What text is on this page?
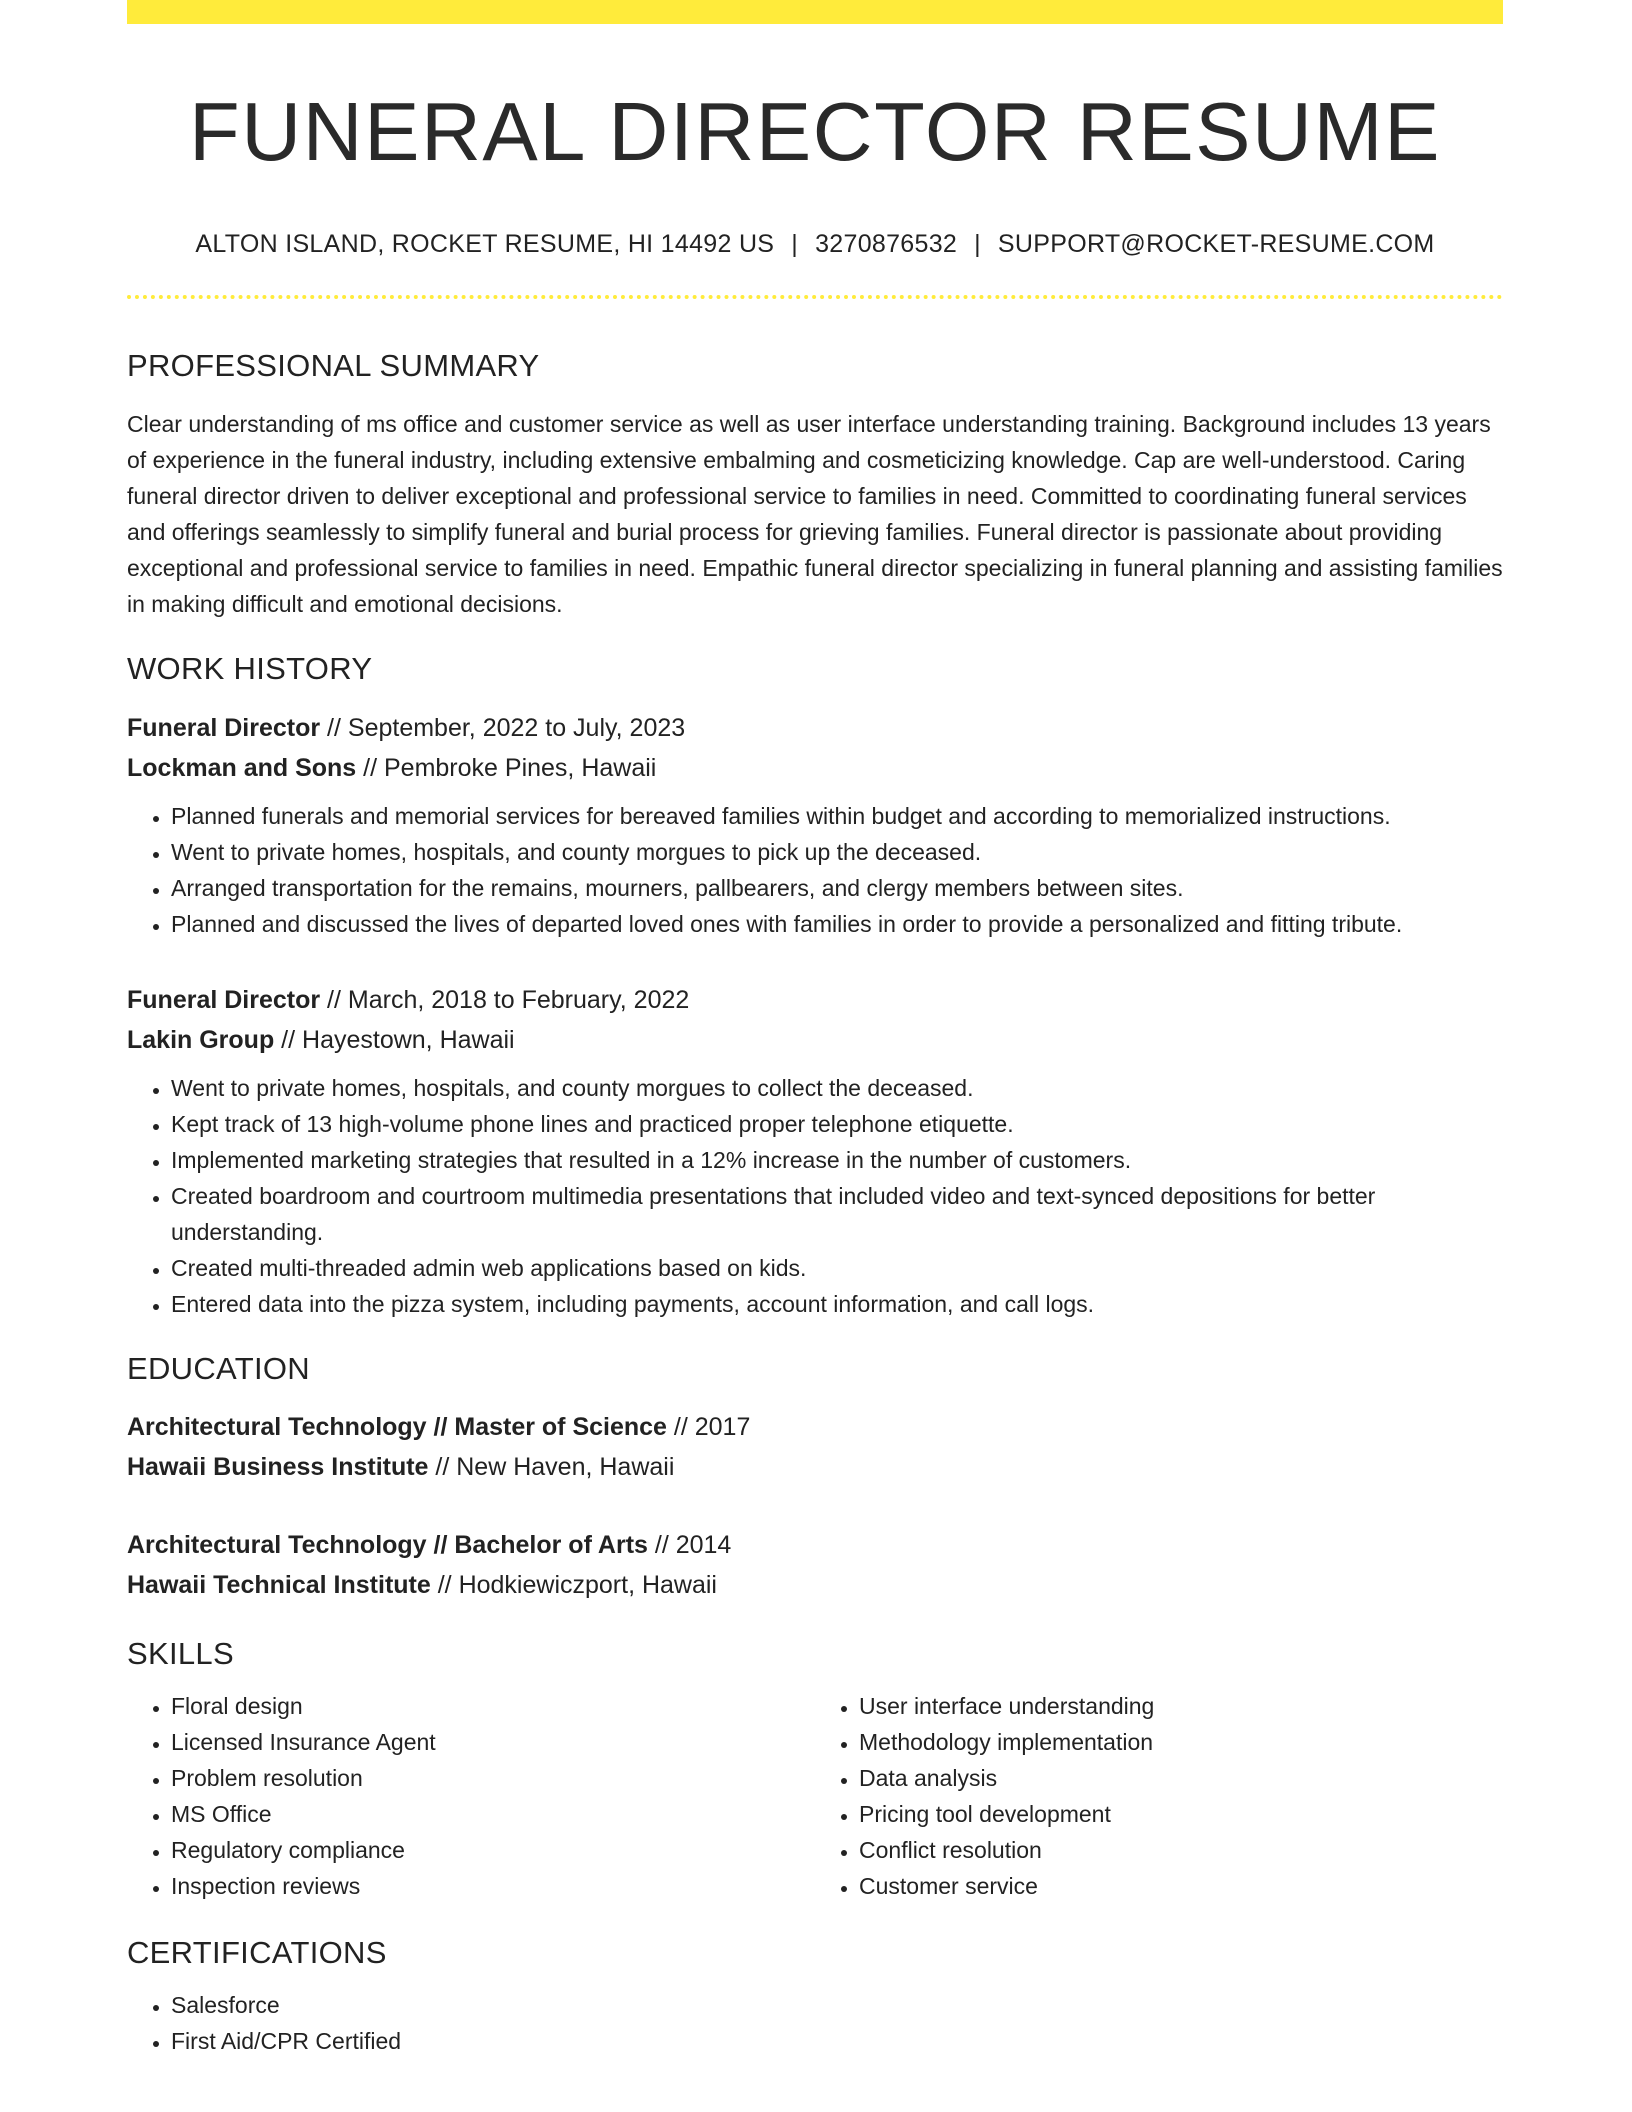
FUNERAL DIRECTOR RESUME
ALTON ISLAND, ROCKET RESUME, HI 14492 US | 3270876532 | SUPPORT@ROCKET-RESUME.COM
PROFESSIONAL SUMMARY
Clear understanding of ms office and customer service as well as user interface understanding training. Background includes 13 years of experience in the funeral industry, including extensive embalming and cosmeticizing knowledge. Cap are well-understood. Caring funeral director driven to deliver exceptional and professional service to families in need. Committed to coordinating funeral services and offerings seamlessly to simplify funeral and burial process for grieving families. Funeral director is passionate about providing exceptional and professional service to families in need. Empathic funeral director specializing in funeral planning and assisting families in making difficult and emotional decisions.
WORK HISTORY
Funeral Director // September, 2022 to July, 2023
Lockman and Sons // Pembroke Pines, Hawaii
• Planned funerals and memorial services for bereaved families within budget and according to memorialized instructions.
• Went to private homes, hospitals, and county morgues to pick up the deceased.
• Arranged transportation for the remains, mourners, pallbearers, and clergy members between sites.
• Planned and discussed the lives of departed loved ones with families in order to provide a personalized and fitting tribute.
Funeral Director // March, 2018 to February, 2022
Lakin Group // Hayestown, Hawaii
• Went to private homes, hospitals, and county morgues to collect the deceased.
• Kept track of 13 high-volume phone lines and practiced proper telephone etiquette.
• Implemented marketing strategies that resulted in a 12% increase in the number of customers.
• Created boardroom and courtroom multimedia presentations that included video and text-synced depositions for better understanding.
• Created multi-threaded admin web applications based on kids.
• Entered data into the pizza system, including payments, account information, and call logs.
EDUCATION
Architectural Technology // Master of Science // 2017
Hawaii Business Institute // New Haven, Hawaii
Architectural Technology // Bachelor of Arts // 2014
Hawaii Technical Institute // Hodkiewiczport, Hawaii
SKILLS
• Floral design
• Licensed Insurance Agent
• Problem resolution
• MS Office
• Regulatory compliance
• Inspection reviews
• User interface understanding
• Methodology implementation
• Data analysis
• Pricing tool development
• Conflict resolution
• Customer service
CERTIFICATIONS
• Salesforce
• First Aid/CPR Certified
